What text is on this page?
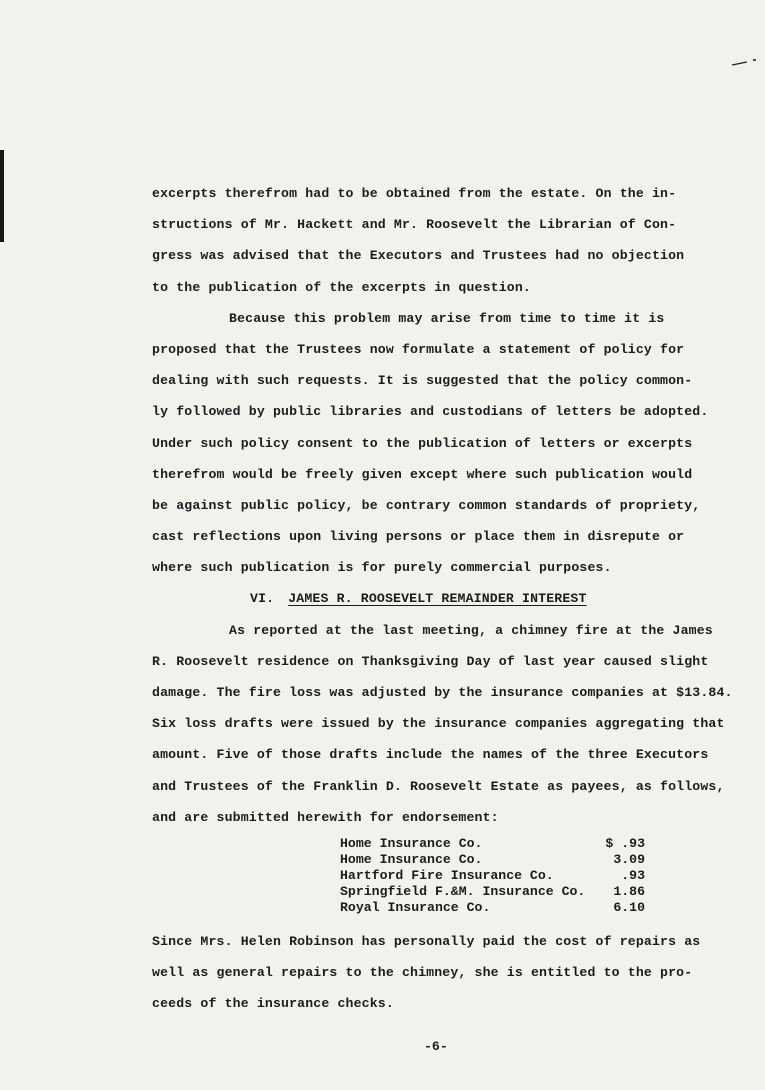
excerpts therefrom had to be obtained from the estate. On the in-
structions of Mr. Hackett and Mr. Roosevelt the Librarian of Con-
gress was advised that the Executors and Trustees had no objection
to the publication of the excerpts in question.
Because this problem may arise from time to time it is
proposed that the Trustees now formulate a statement of policy for
dealing with such requests. It is suggested that the policy common-
ly followed by public libraries and custodians of letters be adopted.
Under such policy consent to the publication of letters or excerpts
therefrom would be freely given except where such publication would
be against public policy, be contrary common standards of propriety,
cast reflections upon living persons or place them in disrepute or
where such publication is for purely commercial purposes.
VI. JAMES R. ROOSEVELT REMAINDER INTEREST
As reported at the last meeting, a chimney fire at the James
R. Roosevelt residence on Thanksgiving Day of last year caused slight
damage. The fire loss was adjusted by the insurance companies at $13.84.
Six loss drafts were issued by the insurance companies aggregating that
amount. Five of those drafts include the names of the three Executors
and Trustees of the Franklin D. Roosevelt Estate as payees, as follows,
and are submitted herewith for endorsement:
Home Insurance Co.	$ .93
Home Insurance Co.	3.09
Hartford Fire Insurance Co.	.93
Springfield F.&M. Insurance Co.	1.86
Royal Insurance Co.	6.10
Since Mrs. Helen Robinson has personally paid the cost of repairs as
well as general repairs to the chimney, she is entitled to the pro-
ceeds of the insurance checks.
-6-
